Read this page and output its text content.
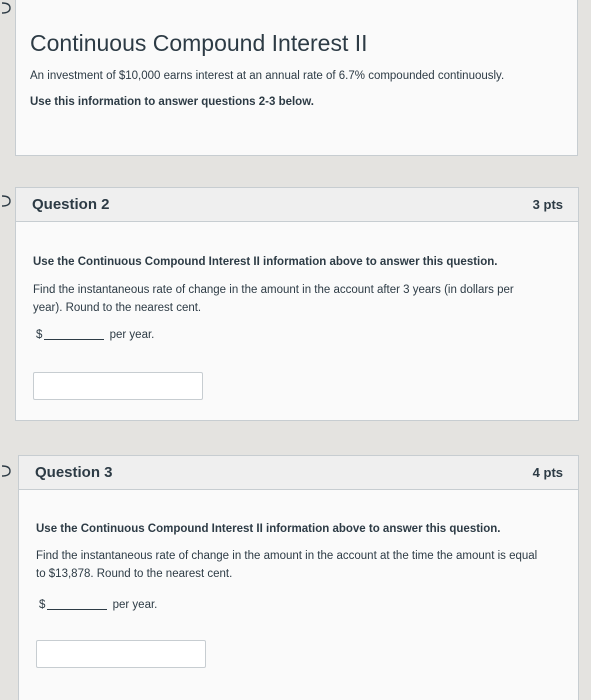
Continuous Compound Interest II
An investment of $10,000 earns interest at an annual rate of 6.7% compounded continuously.
Use this information to answer questions 2-3 below.
Question 2	3 pts
Use the Continuous Compound Interest II information above to answer this question.
Find the instantaneous rate of change in the amount in the account after 3 years (in dollars per
year). Round to the nearest cent.
$	per year.
Question 3	4 pts
Use the Continuous Compound Interest II information above to answer this question.
Find the instantaneous rate of change in the amount in the account at the time the amount is equal
to $13,878. Round to the nearest cent.
$	per year.
